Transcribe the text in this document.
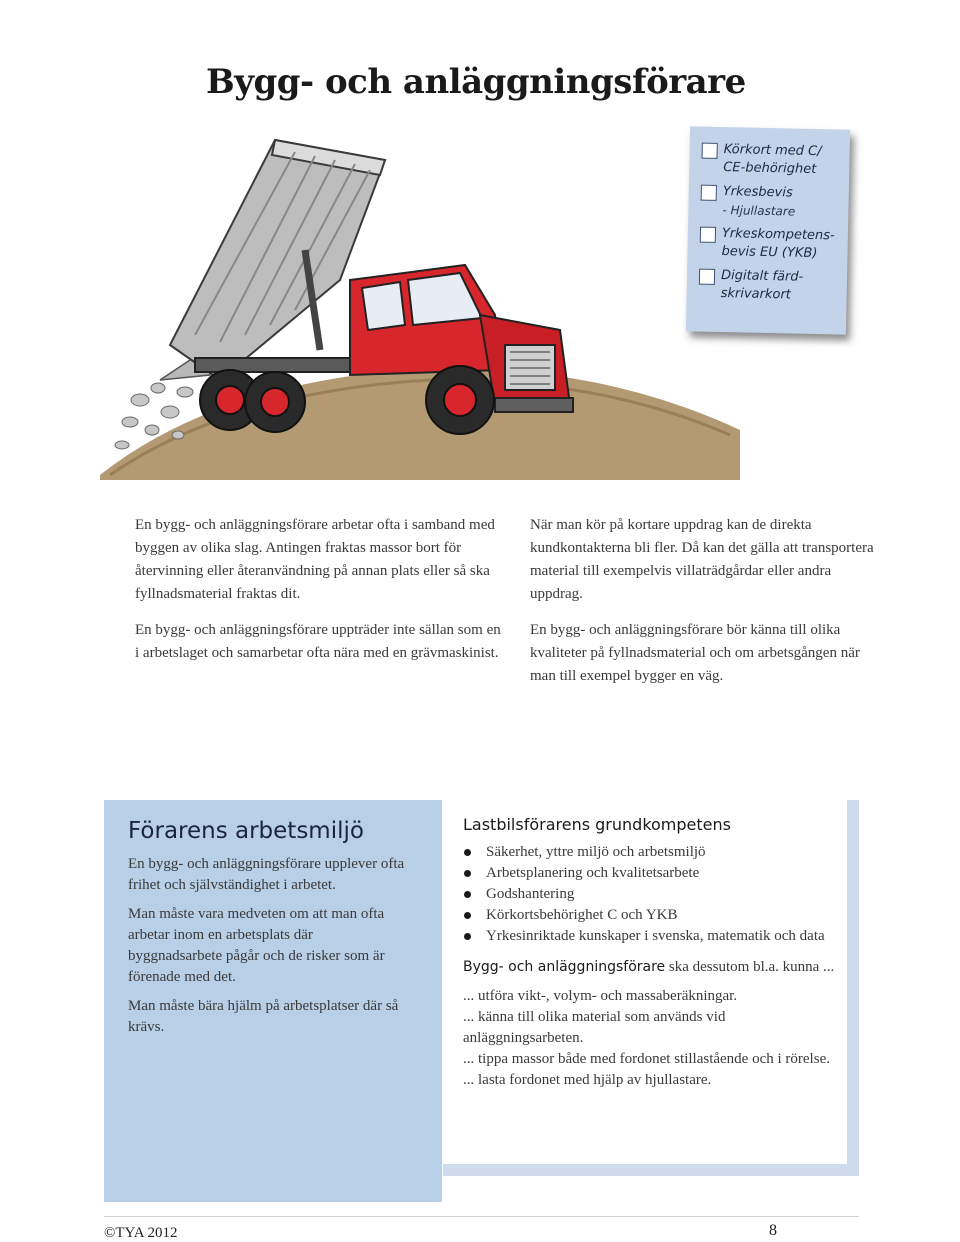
Bygg- och anläggningsförare
Körkort med C/ CE-behörighet
Yrkesbevis
- Hjullastare
Yrkeskompetens-bevis EU (YKB)
Digitalt färd-skrivarkort

En bygg- och anläggningsförare arbetar ofta i samband med byggen av olika slag. Antingen fraktas massor bort för återvinning eller återanvändning på annan plats eller så ska fyllnadsmaterial fraktas dit.

En bygg- och anläggningsförare uppträder inte sällan som en i arbetslaget och samarbetar ofta nära med en grävmaskinist.

När man kör på kortare uppdrag kan de direkta kundkontakterna bli fler. Då kan det gälla att transportera material till exempelvis villaträdgårdar eller andra uppdrag.

En bygg- och anläggningsförare bör känna till olika kvaliteter på fyllnadsmaterial och om arbetsgången när man till exempel bygger en väg.

Förarens arbetsmiljö

En bygg- och anläggningsförare upplever ofta frihet och självständighet i arbetet.

Man måste vara medveten om att man ofta arbetar inom en arbetsplats där byggnadsarbete pågår och de risker som är förenade med det.

Man måste bära hjälm på arbetsplatser där så krävs.

Lastbilsförarens grundkompetens
Säkerhet, yttre miljö och arbetsmiljö
Arbetsplanering och kvalitetsarbete
Godshantering
Körkortsbehörighet C och YKB
Yrkesinriktade kunskaper i svenska, matematik och data

Bygg- och anläggningsförare ska dessutom bl.a. kunna ...

... utföra vikt-, volym- och massaberäkningar.

... känna till olika material som används vid anläggningsarbeten.

... tippa massor både med fordonet stillastående och i rörelse.

... lasta fordonet med hjälp av hjullastare.

©TYA 2012	8
